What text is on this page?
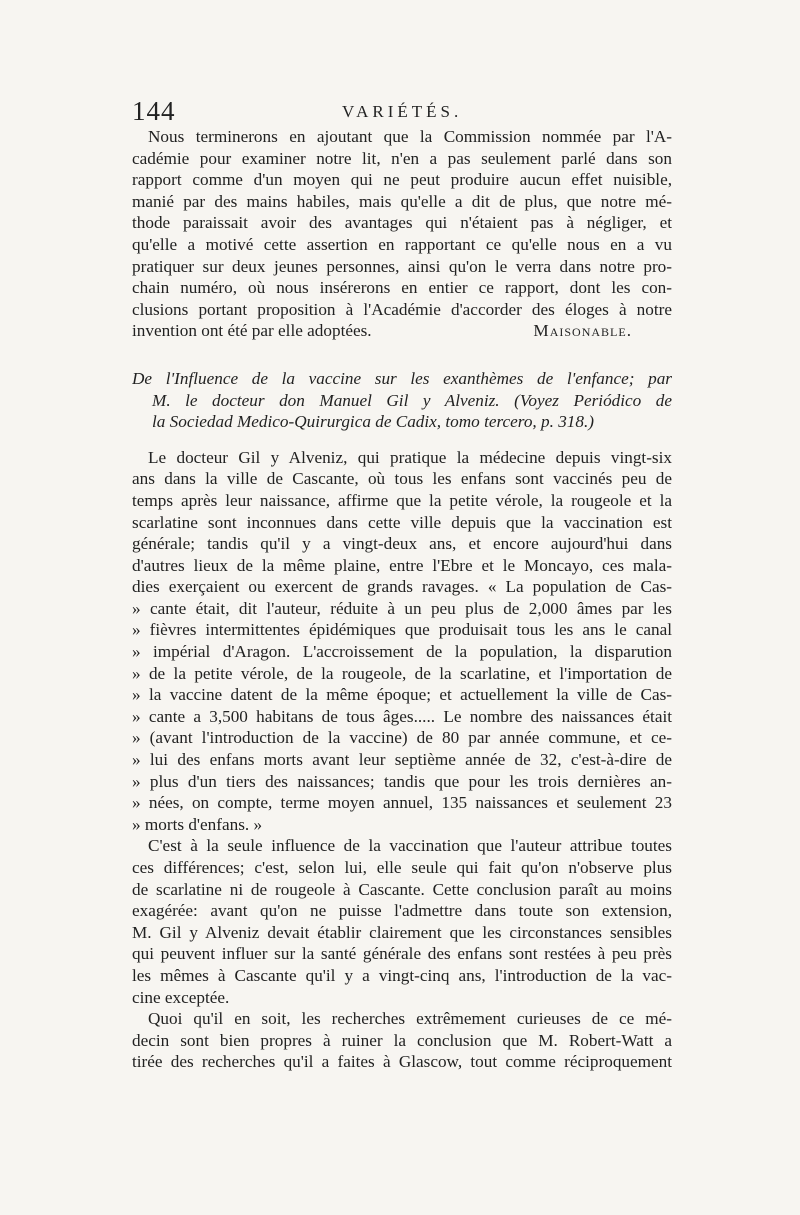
144	VARIÉTÉS.
Nous terminerons en ajoutant que la Commission nommée par l'A-
cadémie pour examiner notre lit, n'en a pas seulement parlé dans son
rapport comme d'un moyen qui ne peut produire aucun effet nuisible,
manié par des mains habiles, mais qu'elle a dit de plus, que notre mé-
thode paraissait avoir des avantages qui n'étaient pas à négliger, et
qu'elle a motivé cette assertion en rapportant ce qu'elle nous en a vu
pratiquer sur deux jeunes personnes, ainsi qu'on le verra dans notre pro-
chain numéro, où nous insérerons en entier ce rapport, dont les con-
clusions portant proposition à l'Académie d'accorder des éloges à notre
invention ont été par elle adoptées.	Maisonable.
De l'Influence de la vaccine sur les exanthèmes de l'enfance; par
M. le docteur don Manuel Gil y Alveniz. (Voyez Periódico de
la Sociedad Medico-Quirurgica de Cadix, tomo tercero, p. 318.)
Le docteur Gil y Alveniz, qui pratique la médecine depuis vingt-six
ans dans la ville de Cascante, où tous les enfans sont vaccinés peu de
temps après leur naissance, affirme que la petite vérole, la rougeole et la
scarlatine sont inconnues dans cette ville depuis que la vaccination est
générale; tandis qu'il y a vingt-deux ans, et encore aujourd'hui dans
d'autres lieux de la même plaine, entre l'Ebre et le Moncayo, ces mala-
dies exerçaient ou exercent de grands ravages. « La population de Cas-
» cante était, dit l'auteur, réduite à un peu plus de 2,000 âmes par les
» fièvres intermittentes épidémiques que produisait tous les ans le canal
» impérial d'Aragon. L'accroissement de la population, la disparution
» de la petite vérole, de la rougeole, de la scarlatine, et l'importation de
» la vaccine datent de la même époque; et actuellement la ville de Cas-
» cante a 3,500 habitans de tous âges..... Le nombre des naissances était
» (avant l'introduction de la vaccine) de 80 par année commune, et ce-
» lui des enfans morts avant leur septième année de 32, c'est-à-dire de
» plus d'un tiers des naissances; tandis que pour les trois dernières an-
» nées, on compte, terme moyen annuel, 135 naissances et seulement 23
» morts d'enfans. »
C'est à la seule influence de la vaccination que l'auteur attribue toutes
ces différences; c'est, selon lui, elle seule qui fait qu'on n'observe plus
de scarlatine ni de rougeole à Cascante. Cette conclusion paraît au moins
exagérée: avant qu'on ne puisse l'admettre dans toute son extension,
M. Gil y Alveniz devait établir clairement que les circonstances sensibles
qui peuvent influer sur la santé générale des enfans sont restées à peu près
les mêmes à Cascante qu'il y a vingt-cinq ans, l'introduction de la vac-
cine exceptée.
Quoi qu'il en soit, les recherches extrêmement curieuses de ce mé-
decin sont bien propres à ruiner la conclusion que M. Robert-Watt a
tirée des recherches qu'il a faites à Glascow, tout comme réciproquement
